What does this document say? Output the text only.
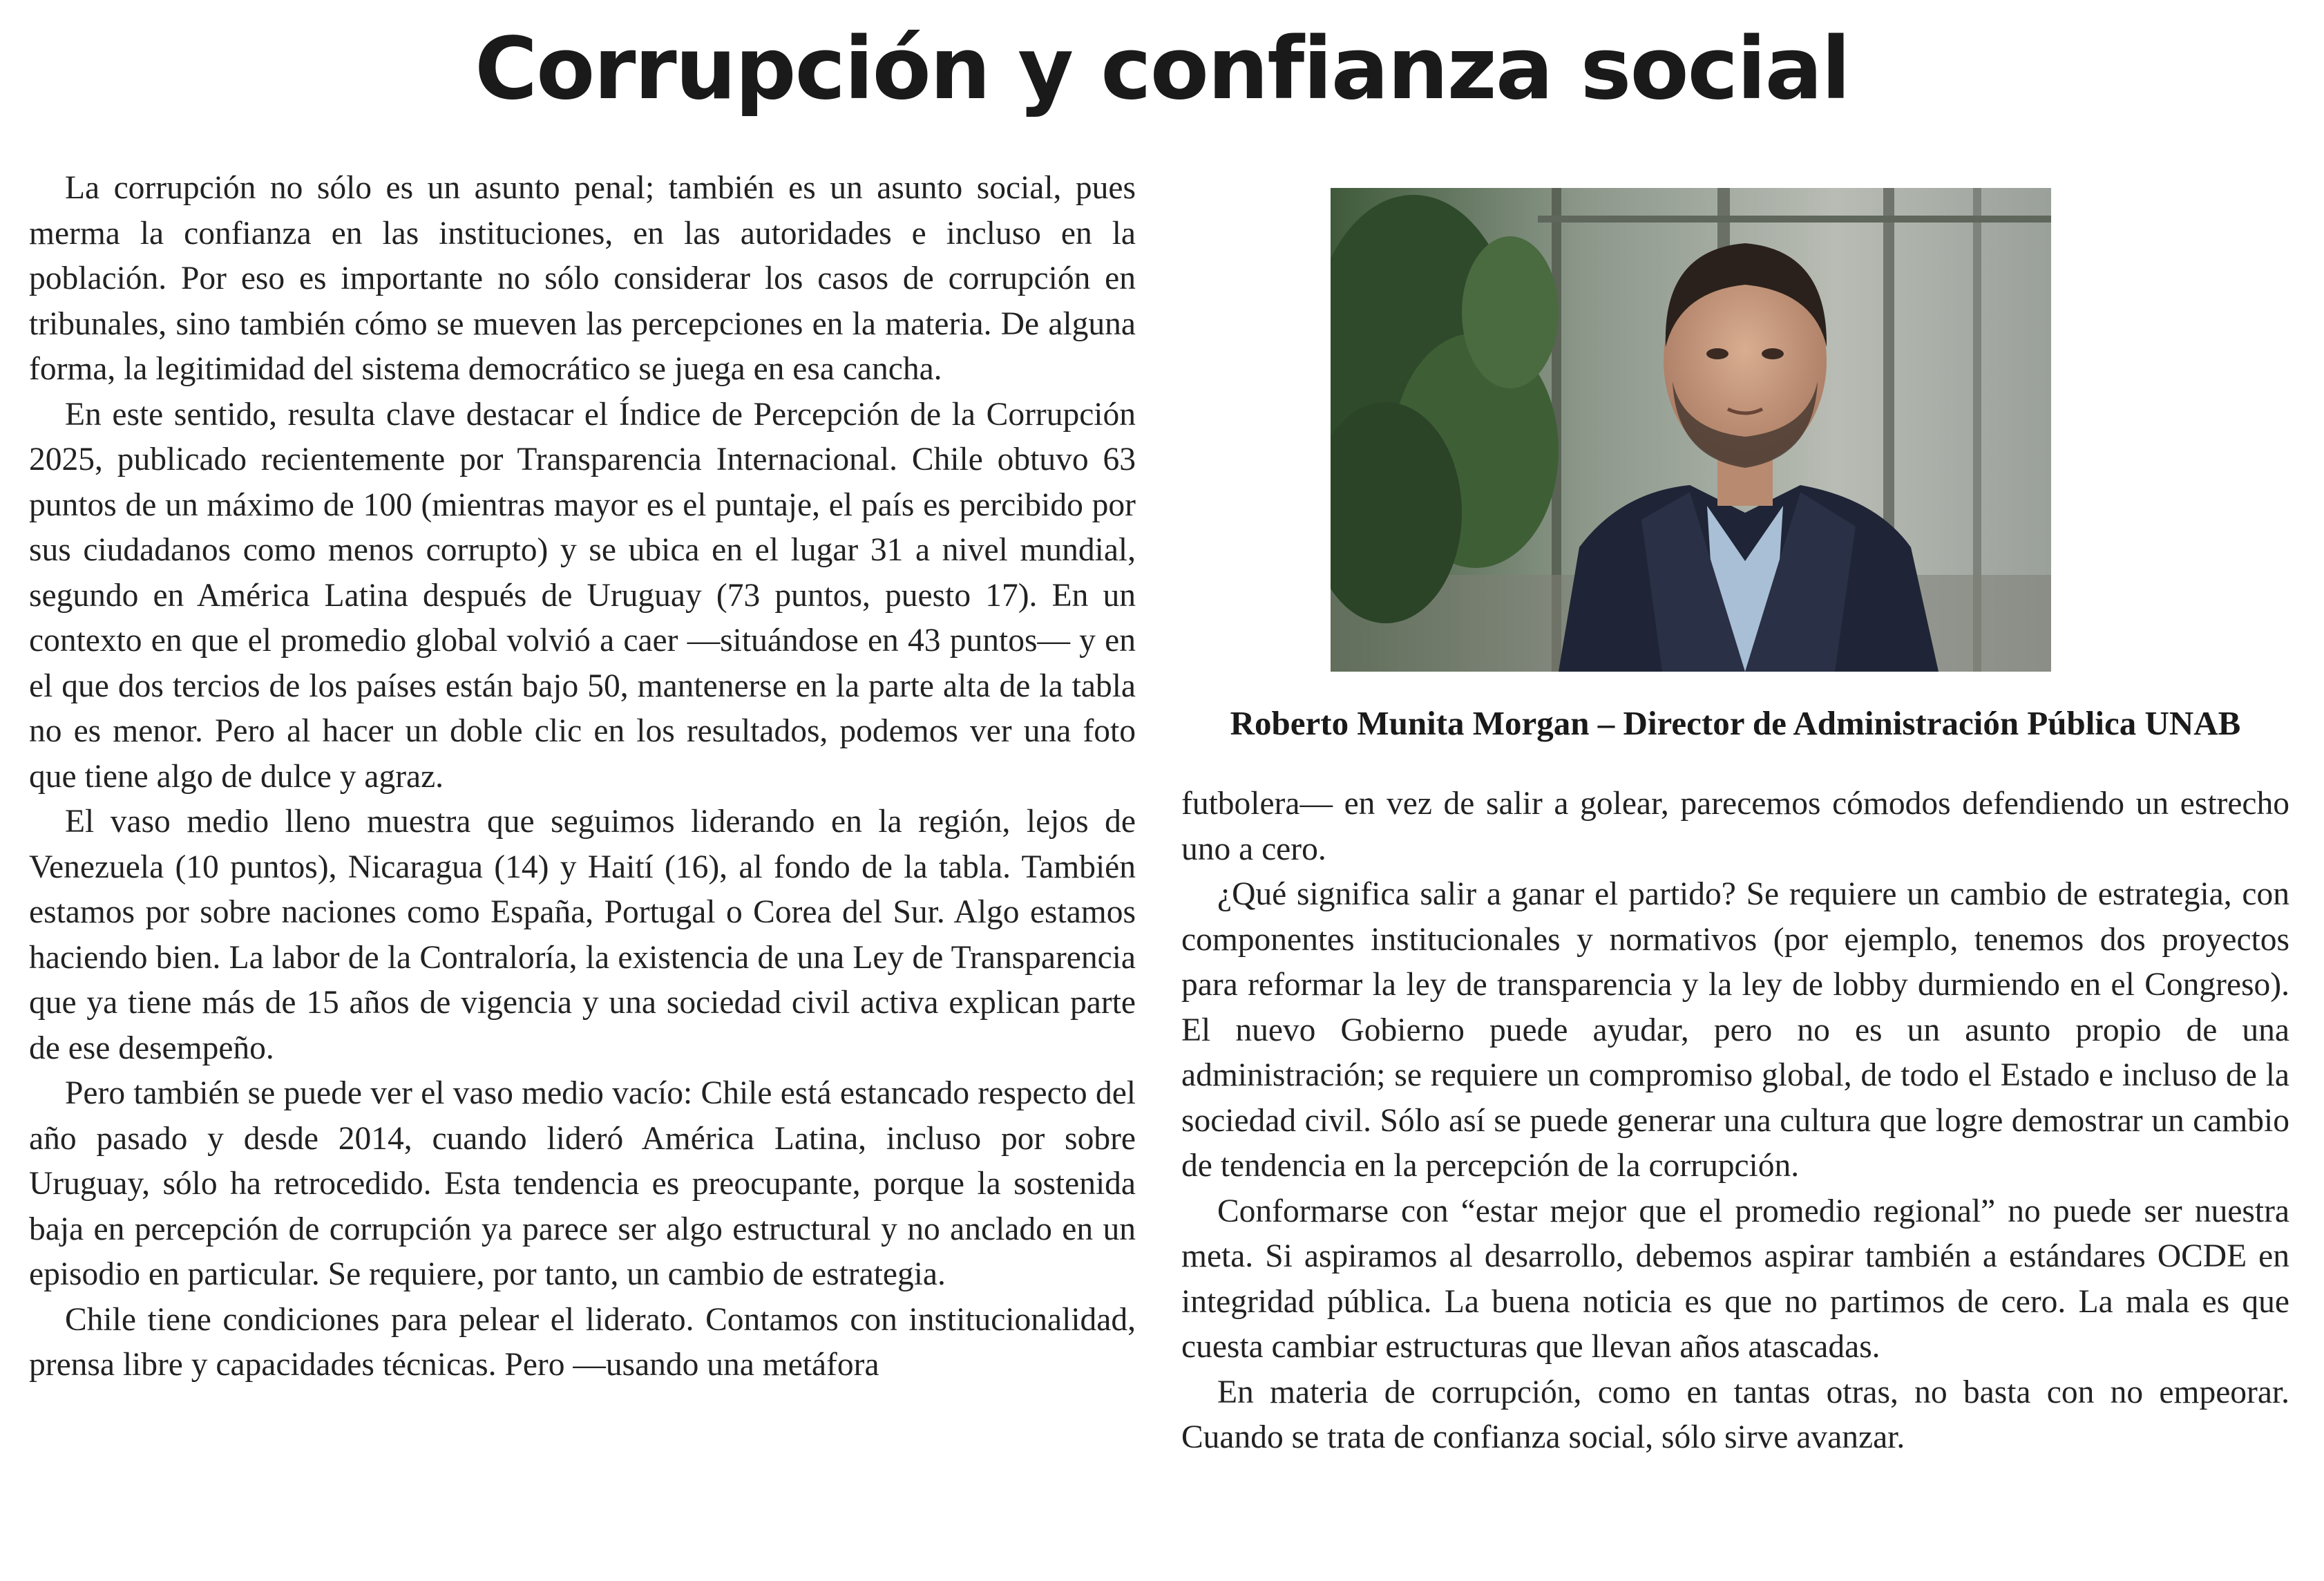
Corrupción y confianza social

La corrupción no sólo es un asunto penal; también es un asunto social, pues merma la confianza en las instituciones, en las autoridades e incluso en la población. Por eso es importante no sólo considerar los casos de corrupción en tribunales, sino también cómo se mueven las percepciones en la materia. De alguna forma, la legitimidad del sistema democrático se juega en esa cancha.

En este sentido, resulta clave destacar el Índice de Percepción de la Corrupción 2025, publicado recientemente por Transparencia Internacional. Chile obtuvo 63 puntos de un máximo de 100 (mientras mayor es el puntaje, el país es percibido por sus ciudadanos como menos corrupto) y se ubica en el lugar 31 a nivel mundial, segundo en América Latina después de Uruguay (73 puntos, puesto 17). En un contexto en que el promedio global volvió a caer —situándose en 43 puntos— y en el que dos tercios de los países están bajo 50, mantenerse en la parte alta de la tabla no es menor. Pero al hacer un doble clic en los resultados, podemos ver una foto que tiene algo de dulce y agraz.

El vaso medio lleno muestra que seguimos liderando en la región, lejos de Venezuela (10 puntos), Nicaragua (14) y Haití (16), al fondo de la tabla. También estamos por sobre naciones como España, Portugal o Corea del Sur. Algo estamos haciendo bien. La labor de la Contraloría, la existencia de una Ley de Transparencia que ya tiene más de 15 años de vigencia y una sociedad civil activa explican parte de ese desempeño.

Pero también se puede ver el vaso medio vacío: Chile está estancado respecto del año pasado y desde 2014, cuando lideró América Latina, incluso por sobre Uruguay, sólo ha retrocedido. Esta tendencia es preocupante, porque la sostenida baja en percepción de corrupción ya parece ser algo estructural y no anclado en un episodio en particular. Se requiere, por tanto, un cambio de estrategia.

Chile tiene condiciones para pelear el liderato. Contamos con institucionalidad, prensa libre y capacidades técnicas. Pero —usando una metáfora

Roberto Munita Morgan – Director de Administración Pública UNAB

futbolera— en vez de salir a golear, parecemos cómodos defendiendo un estrecho uno a cero.

¿Qué significa salir a ganar el partido? Se requiere un cambio de estrategia, con componentes institucionales y normativos (por ejemplo, tenemos dos proyectos para reformar la ley de transparencia y la ley de lobby durmiendo en el Congreso). El nuevo Gobierno puede ayudar, pero no es un asunto propio de una administración; se requiere un compromiso global, de todo el Estado e incluso de la sociedad civil. Sólo así se puede generar una cultura que logre demostrar un cambio de tendencia en la percepción de la corrupción.

Conformarse con “estar mejor que el promedio regional” no puede ser nuestra meta. Si aspiramos al desarrollo, debemos aspirar también a estándares OCDE en integridad pública. La buena noticia es que no partimos de cero. La mala es que cuesta cambiar estructuras que llevan años atascadas.

En materia de corrupción, como en tantas otras, no basta con no empeorar. Cuando se trata de confianza social, sólo sirve avanzar.
